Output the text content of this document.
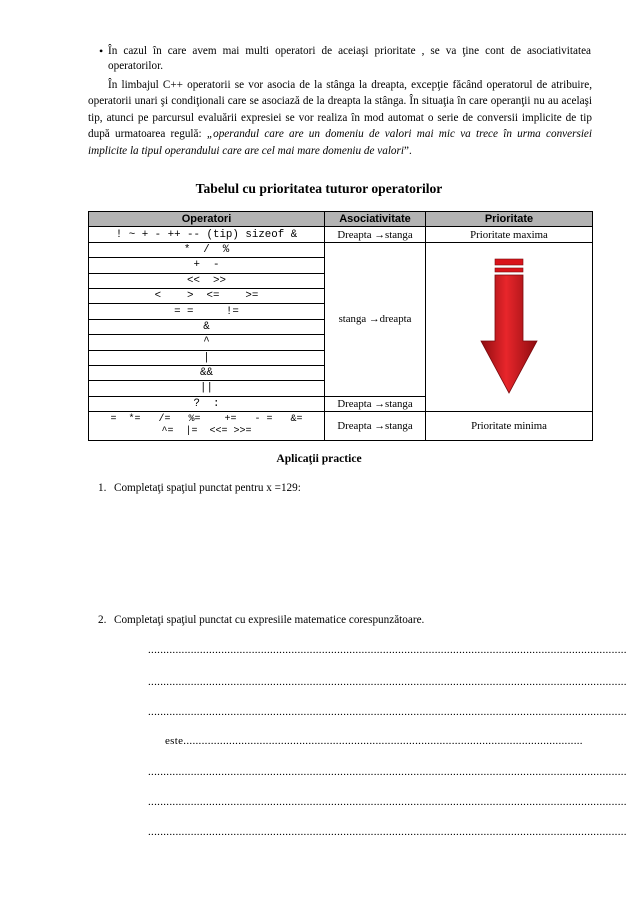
• În cazul în care avem mai multi operatori de aceiaşi prioritate , se va ţine cont de asociativitatea operatorilor.
În limbajul C++ operatorii se vor asocia de la stânga la dreapta, excepţie făcând operatorul de atribuire, operatorii unari şi condiţionali care se asociază de la dreapta la stânga. În situaţia în care operanţii nu au acelaşi tip, atunci pe parcursul evaluării expresiei se vor realiza în mod automat o serie de conversii implicite de tip după urmatoarea regulă: „operandul care are un domeniu de valori mai mic va trece în urma conversiei implicite la tipul operandului care are cel mai mare domeniu de valori”.
Tabelul cu prioritatea tuturor operatorilor
Operatori	Asociativitate	Prioritate
! ~ + - ++ -- (tip) sizeof &	Dreapta →stanga	Prioritate maxima
*  /  %	stanga →dreapta	

+  -		
<<  >>		
<    >  <=    >=		
= =     !=		
&		
^		
|		
&&		
||		
?  :	Dreapta →stanga	
=  *=   /=   %=    +=   - =   &=
^=  |=  <<= >>=	Dreapta →stanga	Prioritate minima
Aplicaţii practice
1. Completaţi spaţiul punctat pentru x =129:
2. Completaţi spaţiul punctat cu expresiile matematice corespunzătoare.
.............................................................................................................................................................
.............................................................................................................................................................
.............................................................................................................................................................
este...................................................................................................................................
.............................................................................................................................................................
.............................................................................................................................................................
.............................................................................................................................................................
